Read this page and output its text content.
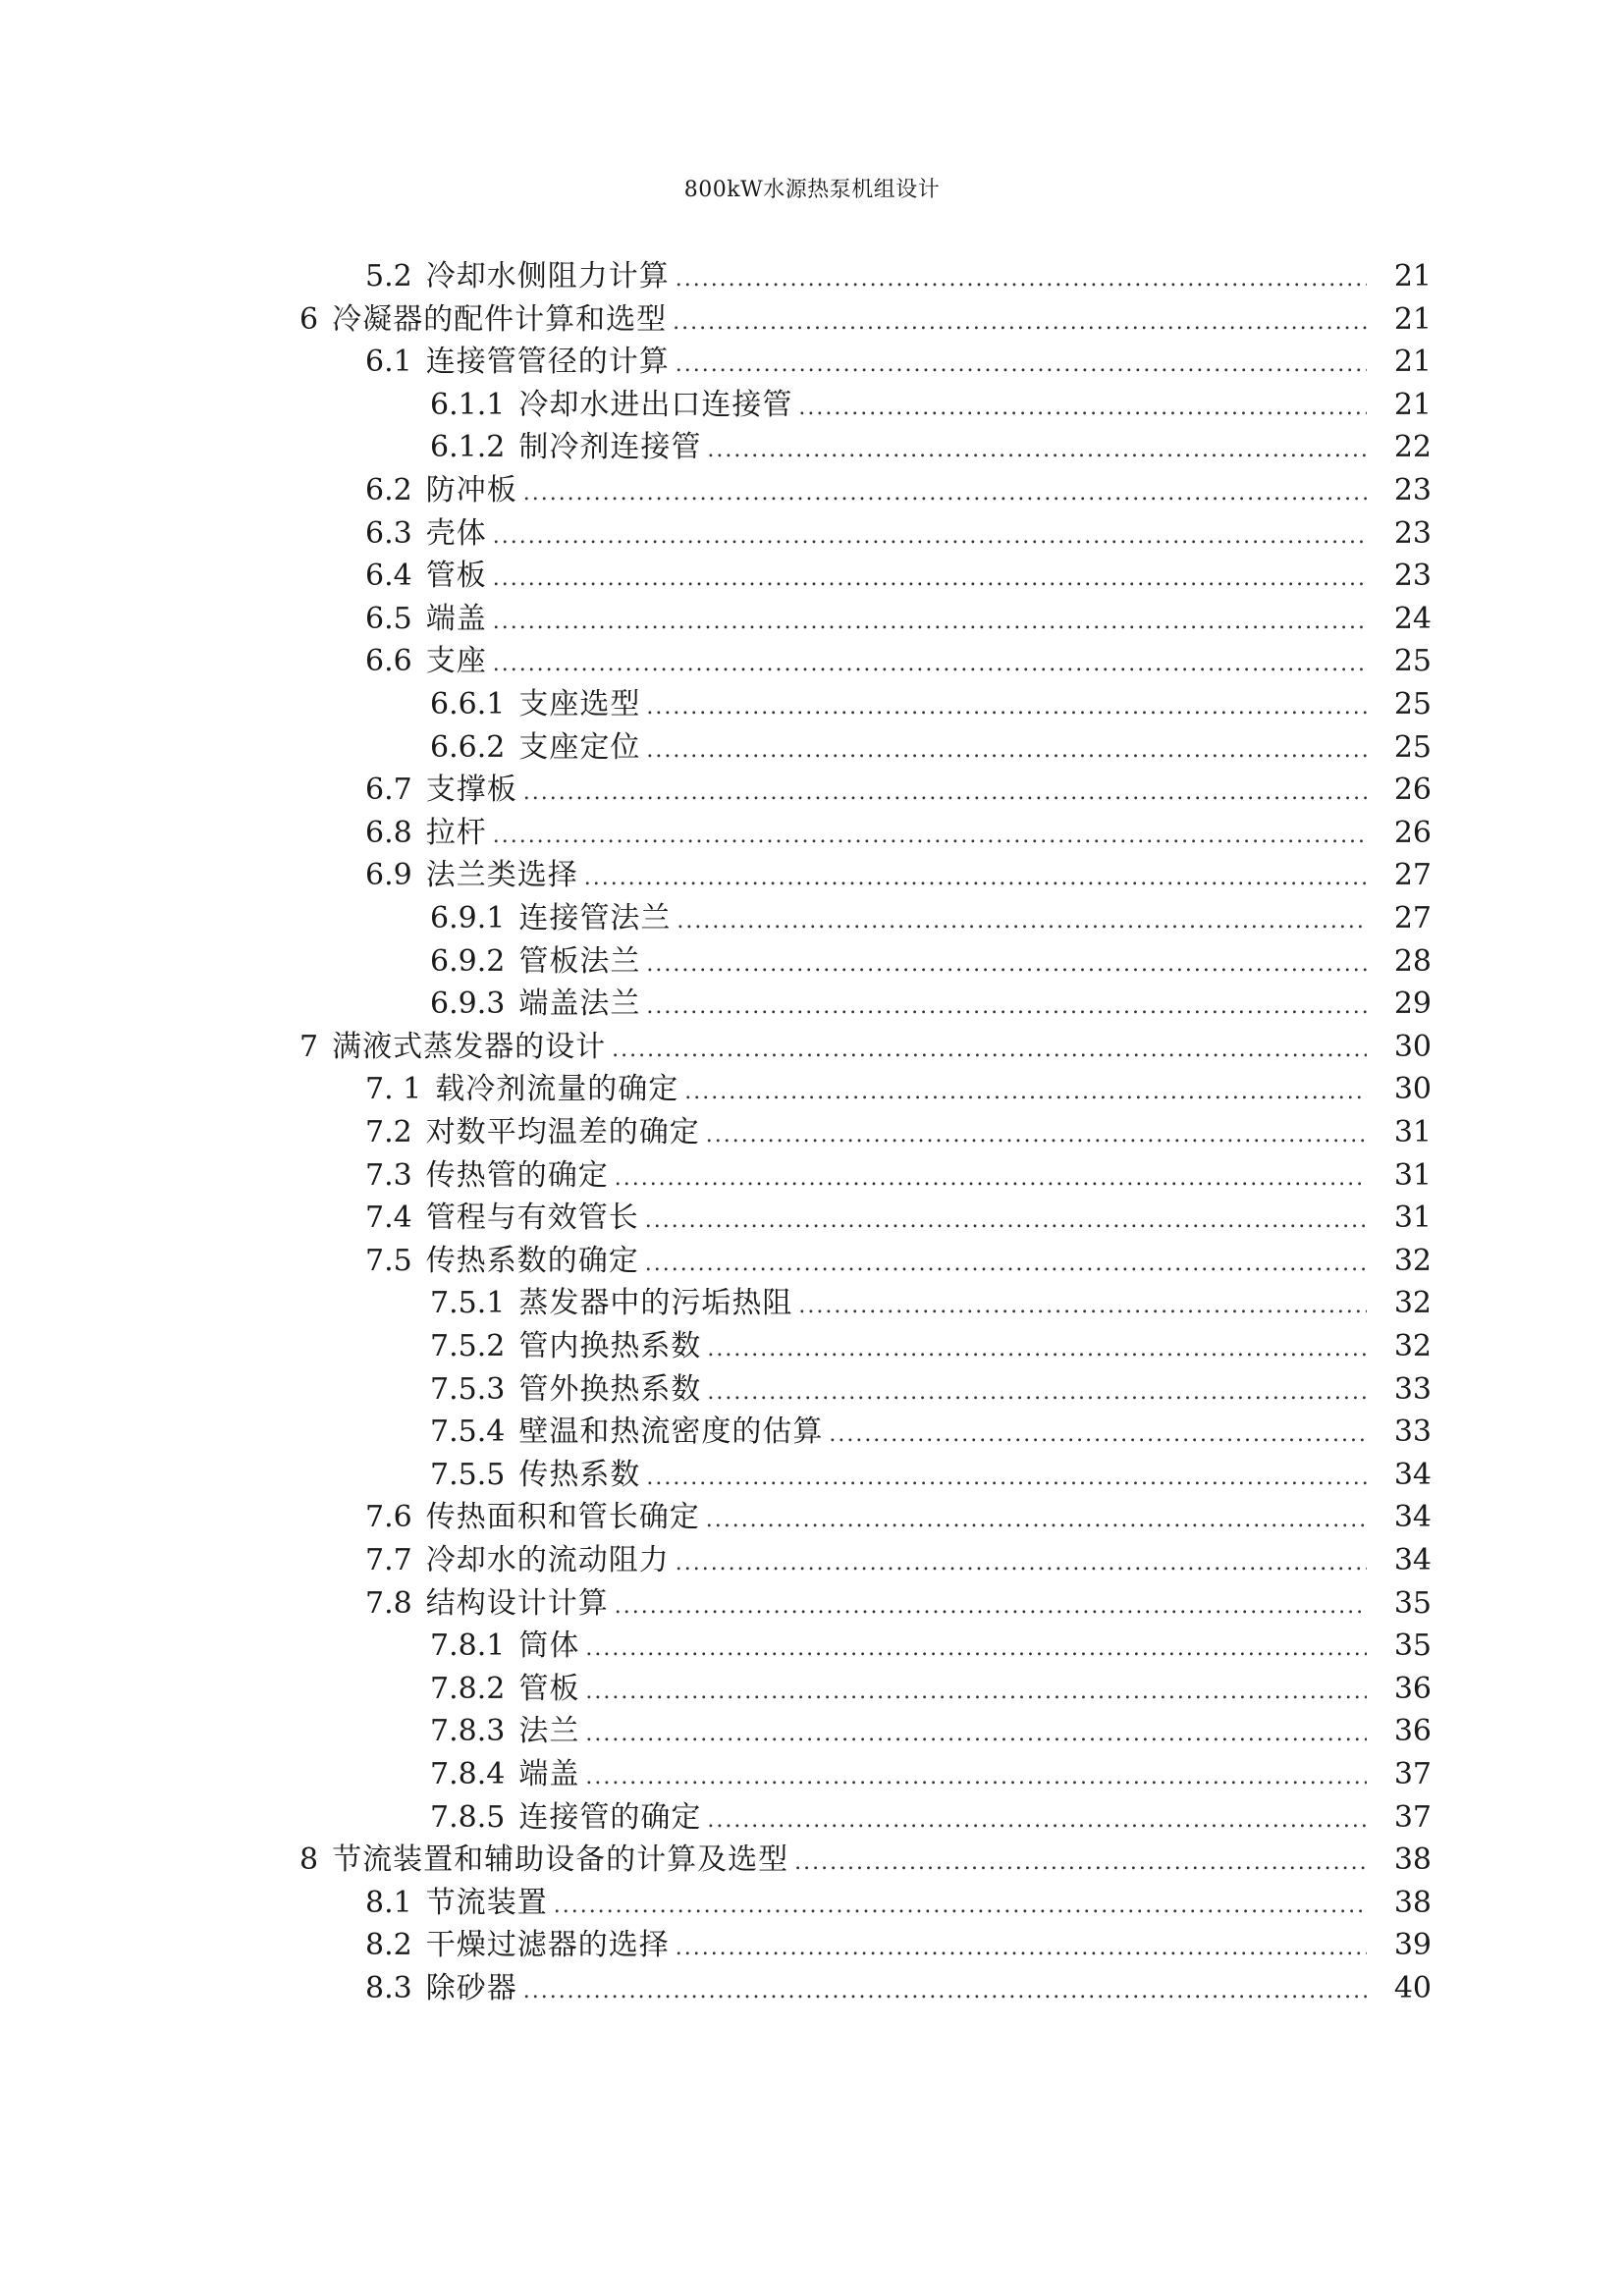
800kW水源热泵机组设计
5.2 冷却水侧阻力计算 .....	21
6 冷凝器的配件计算和选型 .....	21
6.1 连接管管径的计算 .....	21
6.1.1 冷却水进出口连接管 .....	21
6.1.2 制冷剂连接管 .....	22
6.2 防冲板 .....	23
6.3 壳体 .....	23
6.4 管板 .....	23
6.5 端盖 .....	24
6.6 支座 .....	25
6.6.1 支座选型 .....	25
6.6.2 支座定位 .....	25
6.7 支撑板 .....	26
6.8 拉杆 .....	26
6.9 法兰类选择 .....	27
6.9.1 连接管法兰 .....	27
6.9.2 管板法兰 .....	28
6.9.3 端盖法兰 .....	29
7 满液式蒸发器的设计 .....	30
7. 1 载冷剂流量的确定 .....	30
7.2 对数平均温差的确定 .....	31
7.3 传热管的确定 .....	31
7.4 管程与有效管长 .....	31
7.5 传热系数的确定 .....	32
7.5.1 蒸发器中的污垢热阻 .....	32
7.5.2 管内换热系数 .....	32
7.5.3 管外换热系数 .....	33
7.5.4 壁温和热流密度的估算 .....	33
7.5.5 传热系数 .....	34
7.6 传热面积和管长确定 .....	34
7.7 冷却水的流动阻力 .....	34
7.8 结构设计计算 .....	35
7.8.1 筒体 .....	35
7.8.2 管板 .....	36
7.8.3 法兰 .....	36
7.8.4 端盖 .....	37
7.8.5 连接管的确定 .....	37
8 节流装置和辅助设备的计算及选型 .....	38
8.1 节流装置 .....	38
8.2 干燥过滤器的选择 .....	39
8.3 除砂器 .....	40
